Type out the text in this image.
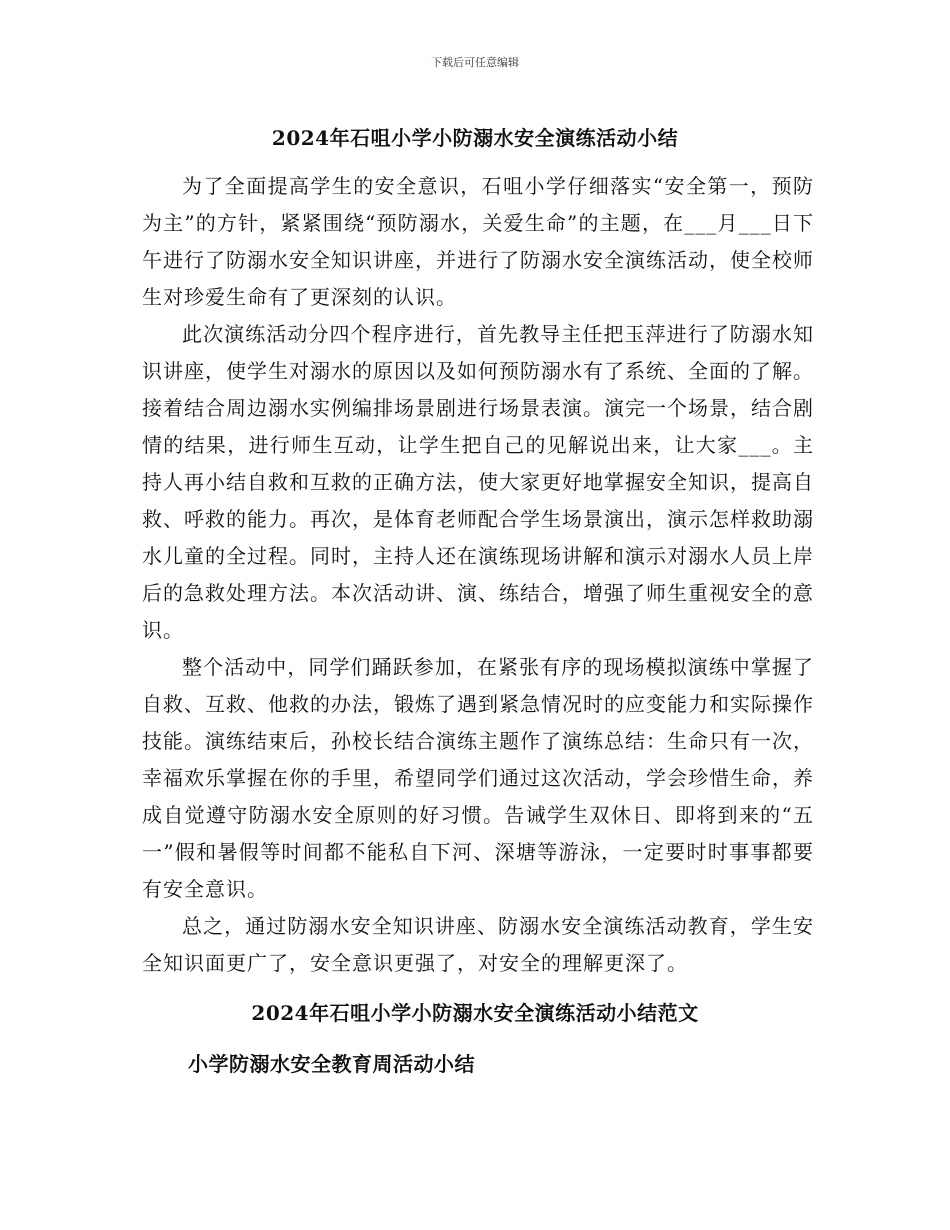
下载后可任意编辑
2024年石咀小学小防溺水安全演练活动小结

为了全面提高学生的安全意识，石咀小学仔细落实“安全第一，预防为主”的方针，紧紧围绕“预防溺水，关爱生命”的主题，在___月___日下午进行了防溺水安全知识讲座，并进行了防溺水安全演练活动，使全校师生对珍爱生命有了更深刻的认识。

此次演练活动分四个程序进行，首先教导主任把玉萍进行了防溺水知识讲座，使学生对溺水的原因以及如何预防溺水有了系统、全面的了解。接着结合周边溺水实例编排场景剧进行场景表演。演完一个场景，结合剧情的结果，进行师生互动，让学生把自己的见解说出来，让大家___。主持人再小结自救和互救的正确方法，使大家更好地掌握安全知识，提高自救、呼救的能力。再次，是体育老师配合学生场景演出，演示怎样救助溺水儿童的全过程。同时，主持人还在演练现场讲解和演示对溺水人员上岸后的急救处理方法。本次活动讲、演、练结合，增强了师生重视安全的意识。

整个活动中，同学们踊跃参加，在紧张有序的现场模拟演练中掌握了自救、互救、他救的办法，锻炼了遇到紧急情况时的应变能力和实际操作技能。演练结束后，孙校长结合演练主题作了演练总结：生命只有一次，幸福欢乐掌握在你的手里，希望同学们通过这次活动，学会珍惜生命，养成自觉遵守防溺水安全原则的好习惯。告诫学生双休日、即将到来的“五一”假和暑假等时间都不能私自下河、深塘等游泳，一定要时时事事都要有安全意识。

总之，通过防溺水安全知识讲座、防溺水安全演练活动教育，学生安全知识面更广了，安全意识更强了，对安全的理解更深了。

2024年石咀小学小防溺水安全演练活动小结范文
小学防溺水安全教育周活动小结
